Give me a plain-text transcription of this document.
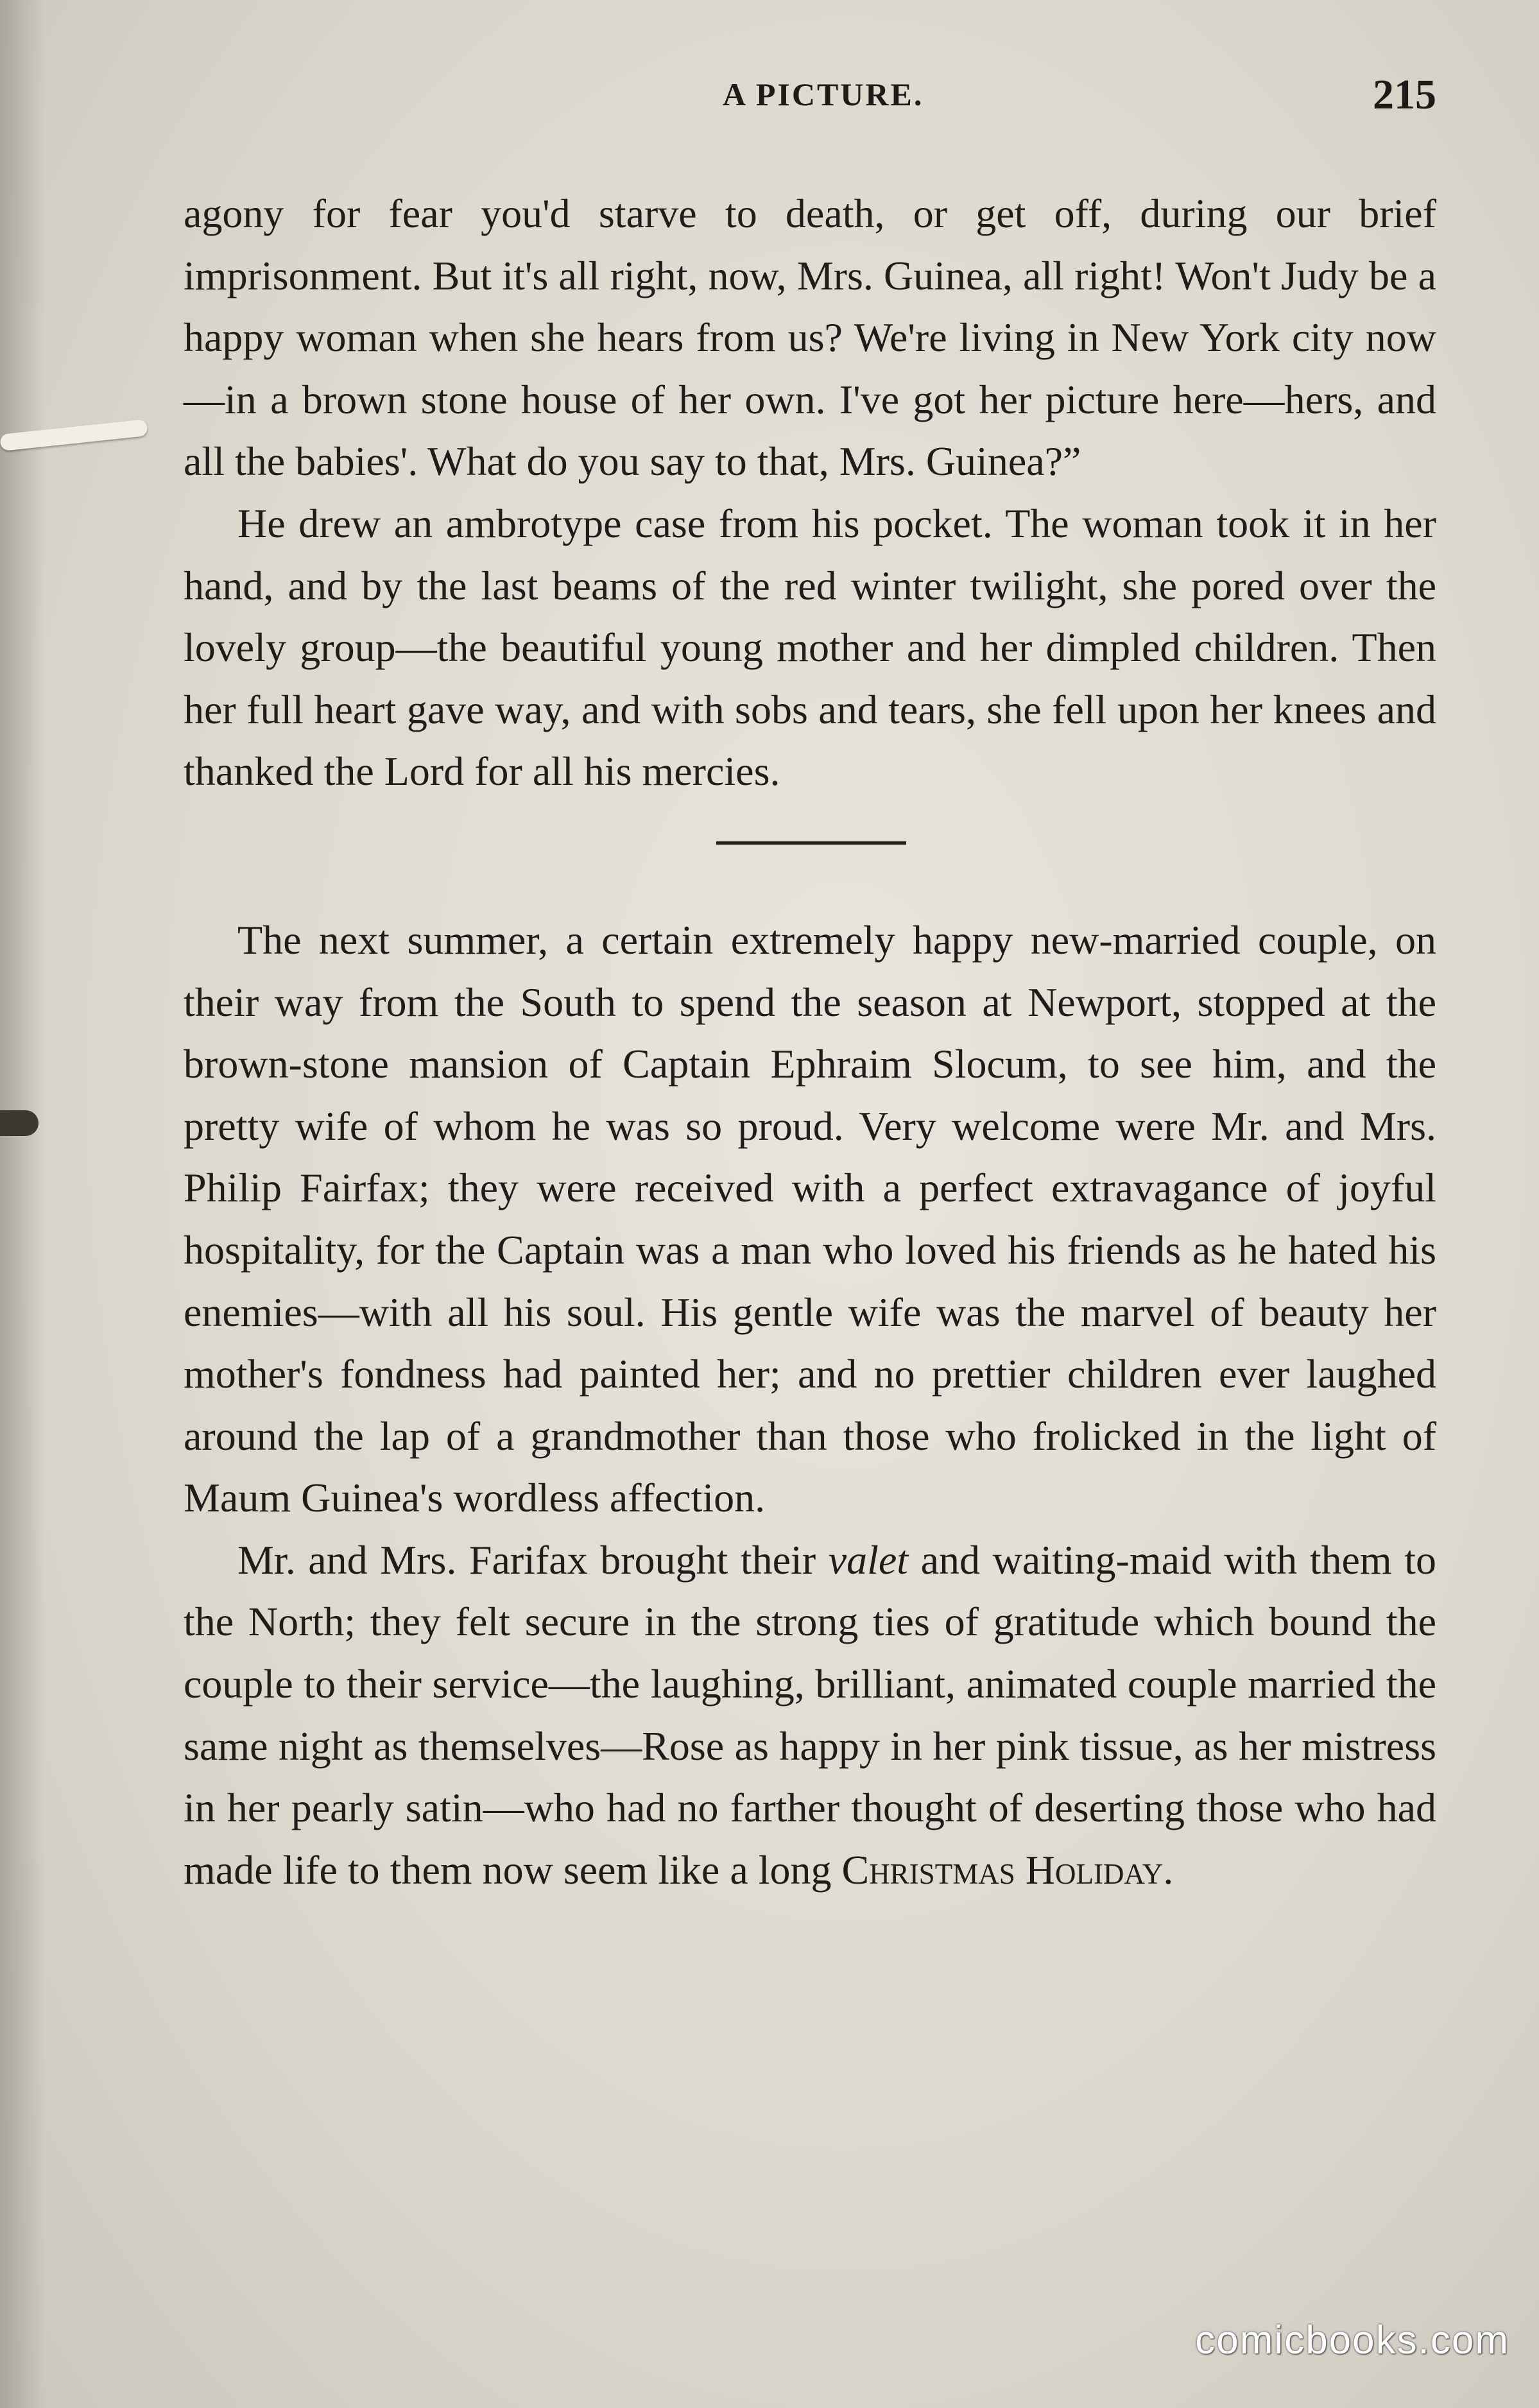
A PICTURE.	215

agony for fear you'd starve to death, or get off, during our brief imprisonment. But it's all right, now, Mrs. Guinea, all right! Won't Judy be a happy woman when she hears from us? We're living in New York city now—in a brown stone house of her own. I've got her picture here—hers, and all the babies'. What do you say to that, Mrs. Guinea?”

He drew an ambrotype case from his pocket. The woman took it in her hand, and by the last beams of the red winter twilight, she pored over the lovely group—the beautiful young mother and her dimpled children. Then her full heart gave way, and with sobs and tears, she fell upon her knees and thanked the Lord for all his mercies.

The next summer, a certain extremely happy new-married couple, on their way from the South to spend the season at Newport, stopped at the brown-stone mansion of Captain Ephraim Slocum, to see him, and the pretty wife of whom he was so proud. Very welcome were Mr. and Mrs. Philip Fairfax; they were received with a perfect extravagance of joyful hospitality, for the Captain was a man who loved his friends as he hated his enemies—with all his soul. His gentle wife was the marvel of beauty her mother's fondness had painted her; and no prettier children ever laughed around the lap of a grandmother than those who frolicked in the light of Maum Guinea's wordless affection.

Mr. and Mrs. Farifax brought their valet and waiting-maid with them to the North; they felt secure in the strong ties of gratitude which bound the couple to their service—the laughing, brilliant, animated couple married the same night as themselves—Rose as happy in her pink tissue, as her mistress in her pearly satin—who had no farther thought of deserting those who had made life to them now seem like a long Christmas Holiday.

comicbooks.com
